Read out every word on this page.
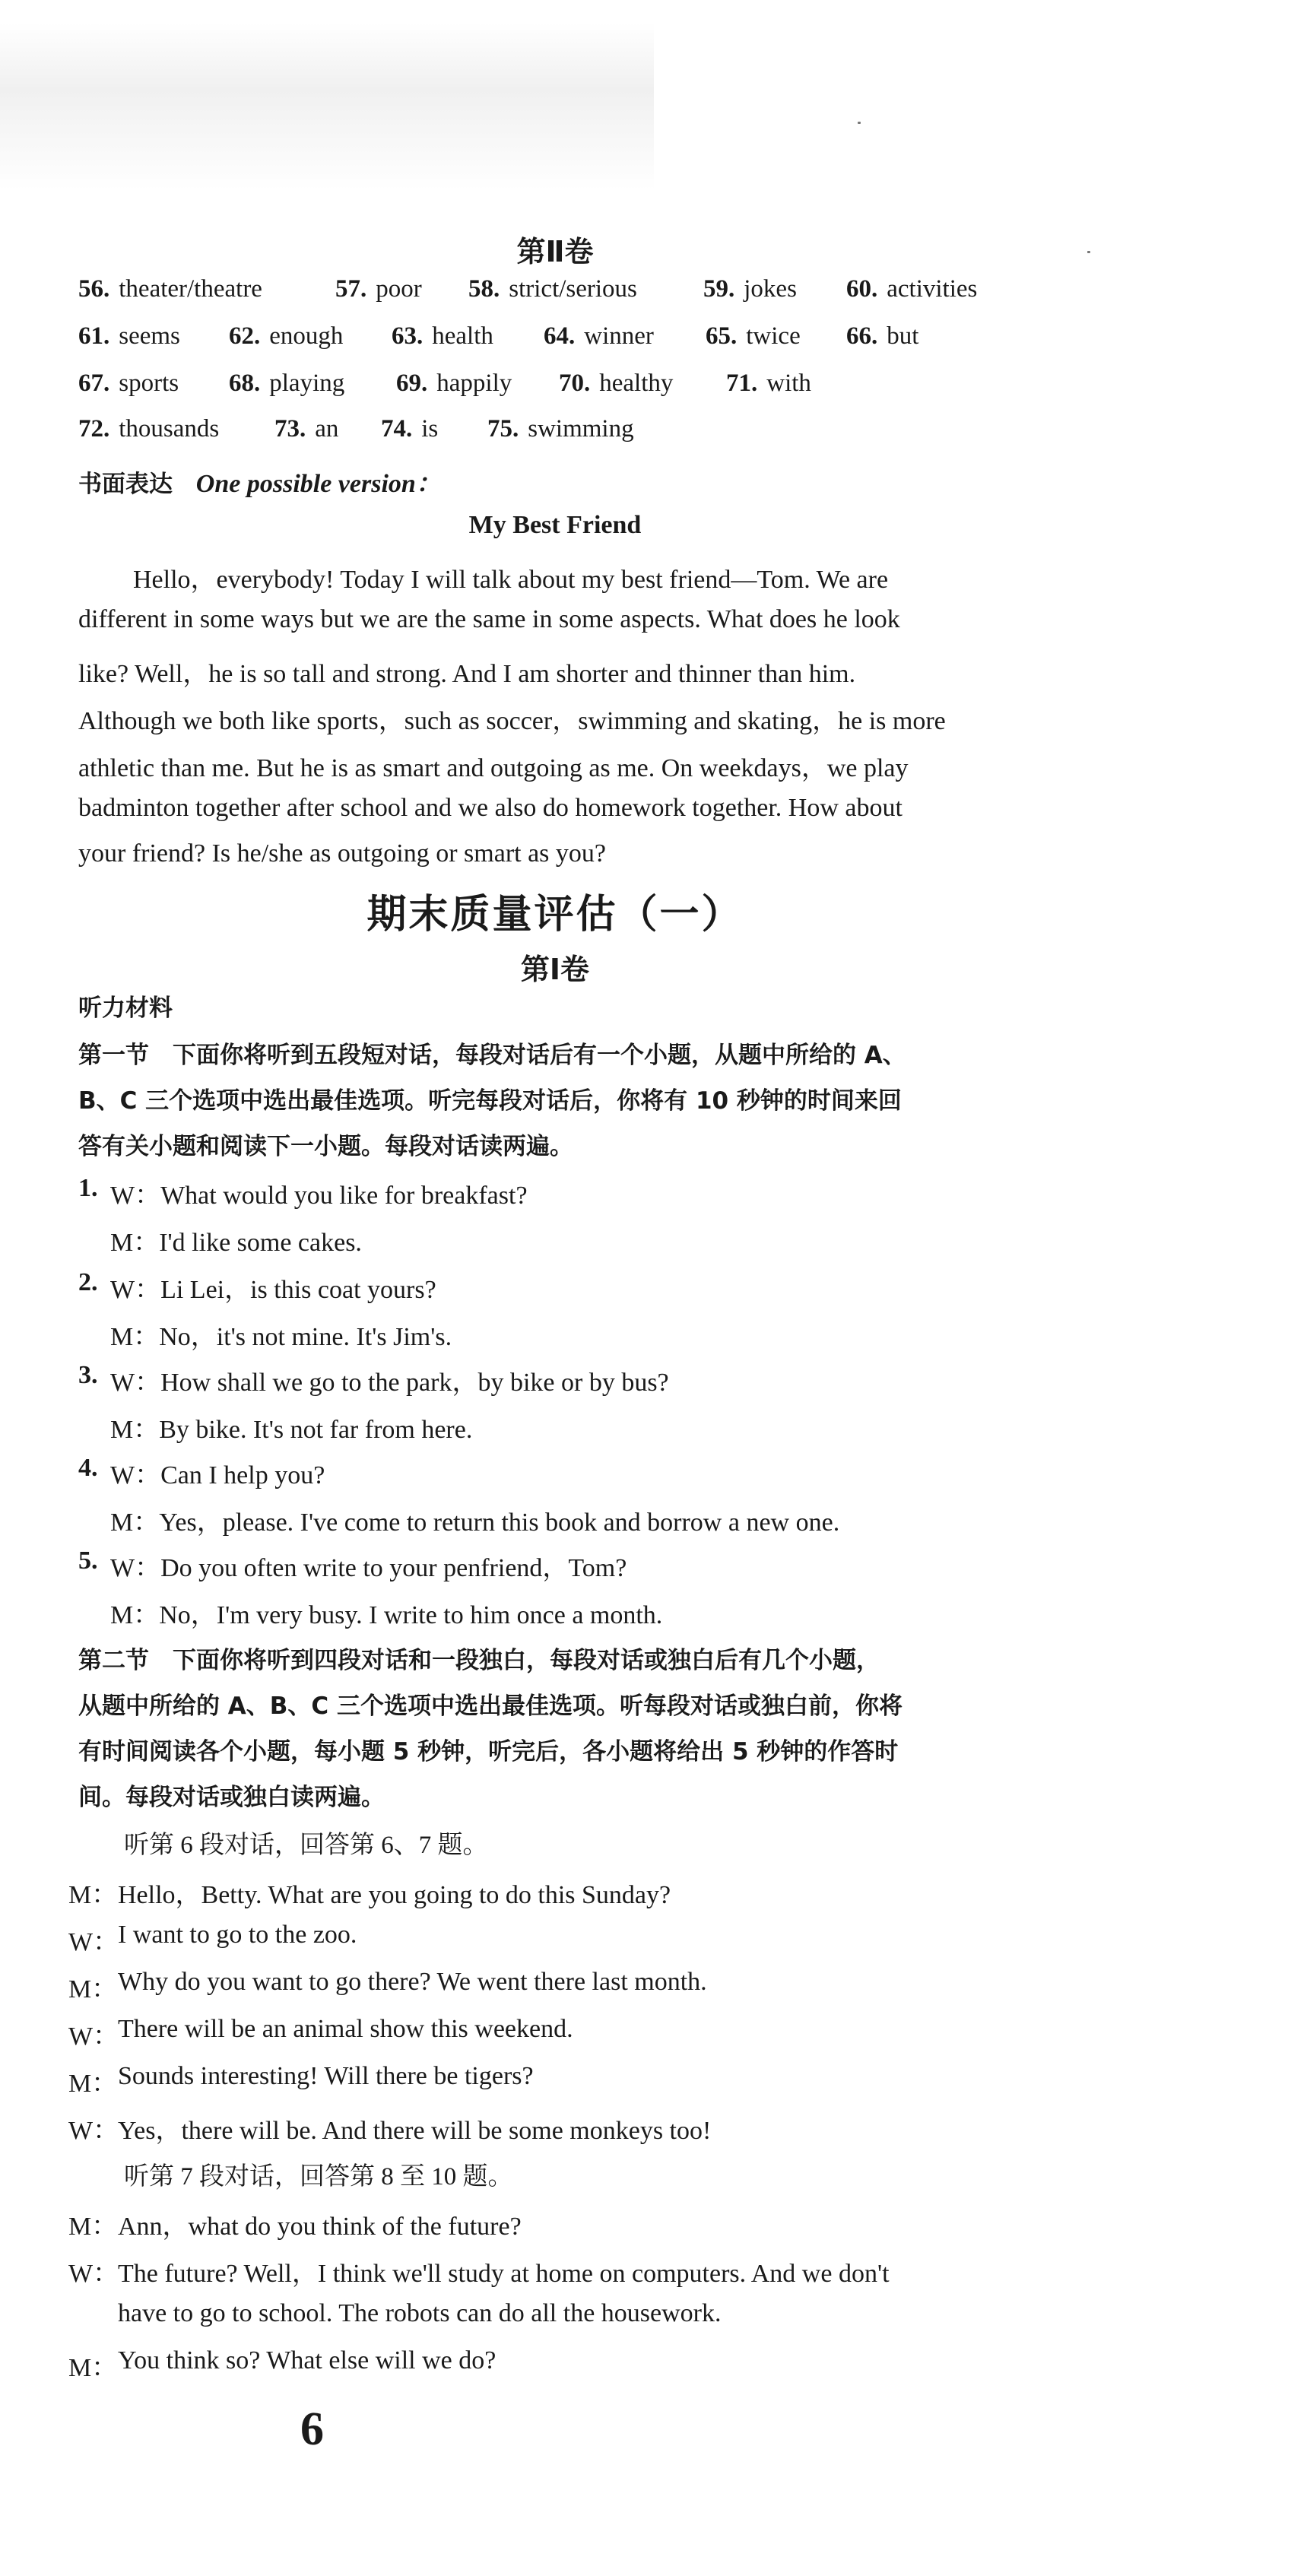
第Ⅱ卷
56. theater/theatre	57. poor 58. strict/serious	59. jokes 60. activities
61. seems 62. enough 63. health 64. winner 65. twice 66. but
67. sports 68. playing 69. happily 70. healthy 71. with
72. thousands 73. an 74. is 75. swimming
书面表达 One possible version：
My Best Friend
Hello，everybody! Today I will talk about my best friend—Tom. We are
different in some ways but we are the same in some aspects. What does he look
like? Well，he is so tall and strong. And I am shorter and thinner than him.
Although we both like sports，such as soccer，swimming and skating，he is more
athletic than me. But he is as smart and outgoing as me. On weekdays，we play
badminton together after school and we also do homework together. How about
your friend? Is he/she as outgoing or smart as you?
期末质量评估（一）
第Ⅰ卷
听力材料
第一节　下面你将听到五段短对话，每段对话后有一个小题，从题中所给的 A、
B、C 三个选项中选出最佳选项。听完每段对话后，你将有 10 秒钟的时间来回
答有关小题和阅读下一小题。每段对话读两遍。
1. W：What would you like for breakfast?
M：I'd like some cakes.
2. W：Li Lei，is this coat yours?
M：No，it's not mine. It's Jim's.
3. W：How shall we go to the park，by bike or by bus?
M：By bike. It's not far from here.
4. W：Can I help you?
M：Yes，please. I've come to return this book and borrow a new one.
5. W：Do you often write to your penfriend，Tom?
M：No，I'm very busy. I write to him once a month.
第二节　下面你将听到四段对话和一段独白，每段对话或独白后有几个小题，
从题中所给的 A、B、C 三个选项中选出最佳选项。听每段对话或独白前，你将
有时间阅读各个小题，每小题 5 秒钟，听完后，各小题将给出 5 秒钟的作答时
间。每段对话或独白读两遍。
听第 6 段对话，回答第 6、7 题。
M： Hello，Betty. What are you going to do this Sunday?
W：
I want to go to the zoo.
M： Why do you want to go there? We went there last month.
W：
There will be an animal show this weekend.
M： Sounds interesting! Will there be tigers?
W：
Yes，there will be. And there will be some monkeys too!
听第 7 段对话，回答第 8 至 10 题。
M： Ann，what do you think of the future?
W：
The future? Well，I think we'll study at home on computers. And we don't
have to go to school. The robots can do all the housework.
M： You think so? What else will we do?
6
